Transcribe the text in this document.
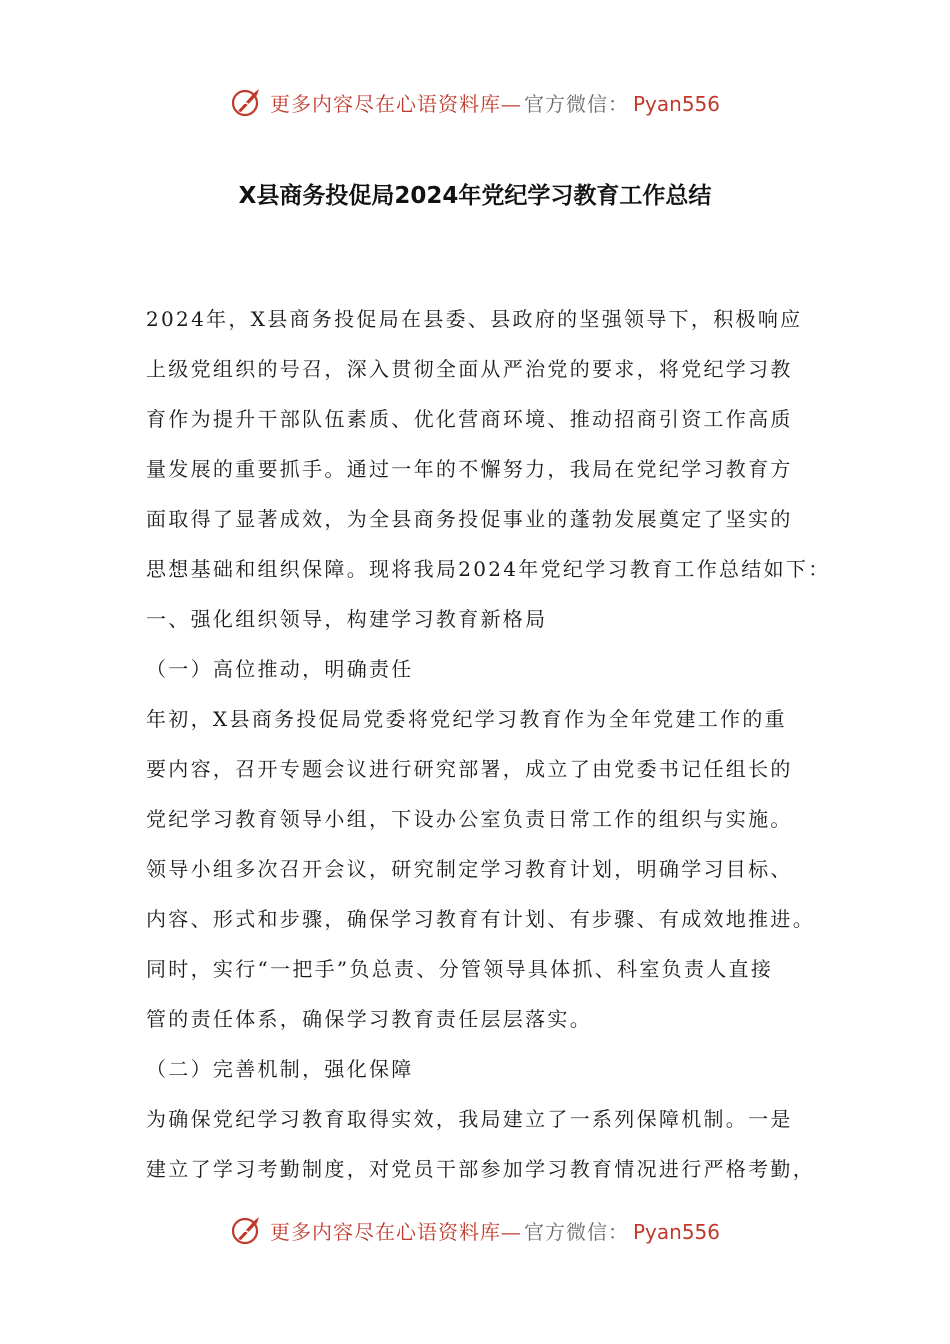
更多内容尽在心语资料库— 官方微信： Pyan556
X县商务投促局2024年党纪学习教育工作总结
2024年，X县商务投促局在县委、县政府的坚强领导下，积极响应
上级党组织的号召，深入贯彻全面从严治党的要求，将党纪学习教
育作为提升干部队伍素质、优化营商环境、推动招商引资工作高质
量发展的重要抓手。通过一年的不懈努力，我局在党纪学习教育方
面取得了显著成效，为全县商务投促事业的蓬勃发展奠定了坚实的
思想基础和组织保障。现将我局2024年党纪学习教育工作总结如下：
一、强化组织领导，构建学习教育新格局
（一）高位推动，明确责任
年初，X县商务投促局党委将党纪学习教育作为全年党建工作的重
要内容，召开专题会议进行研究部署，成立了由党委书记任组长的
党纪学习教育领导小组，下设办公室负责日常工作的组织与实施。
领导小组多次召开会议，研究制定学习教育计划，明确学习目标、
内容、形式和步骤，确保学习教育有计划、有步骤、有成效地推进。
同时，实行“一把手”负总责、分管领导具体抓、科室负责人直接
管的责任体系，确保学习教育责任层层落实。
（二）完善机制，强化保障
为确保党纪学习教育取得实效，我局建立了一系列保障机制。一是
建立了学习考勤制度，对党员干部参加学习教育情况进行严格考勤，
更多内容尽在心语资料库— 官方微信： Pyan556
